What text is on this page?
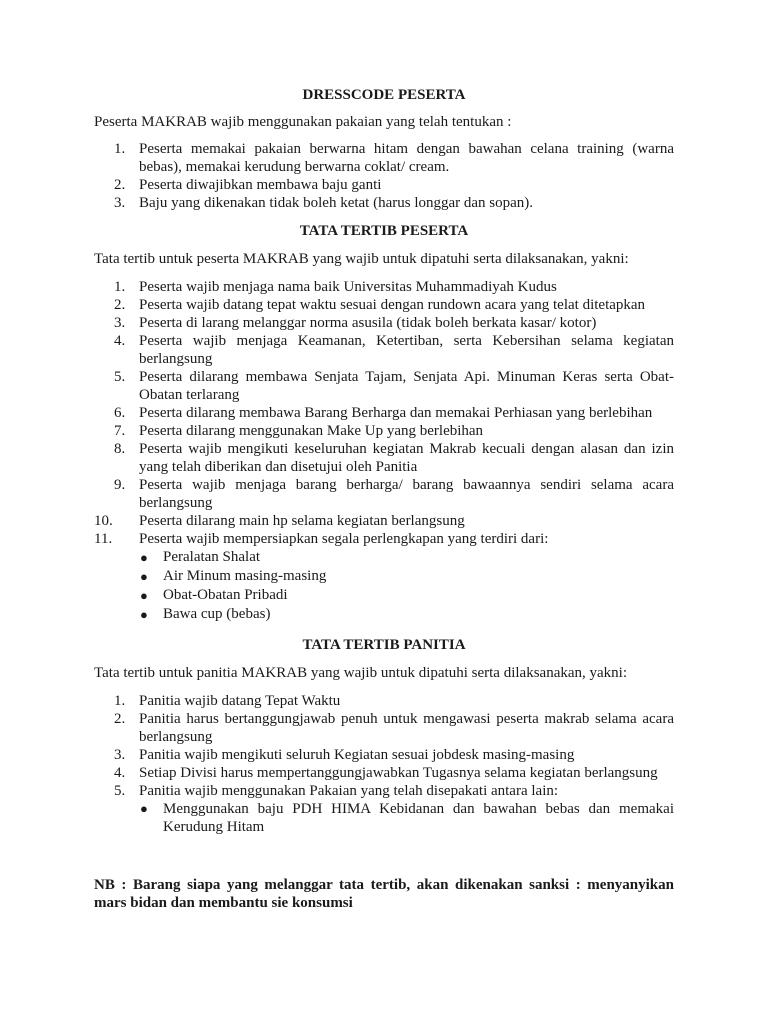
DRESSCODE PESERTA

Peserta MAKRAB wajib menggunakan pakaian yang telah tentukan :

1. Peserta memakai pakaian berwarna hitam dengan bawahan celana training (warna bebas), memakai kerudung berwarna coklat/ cream.
2. Peserta diwajibkan membawa baju ganti
3. Baju yang dikenakan tidak boleh ketat (harus longgar dan sopan).
TATA TERTIB PESERTA

Tata tertib untuk peserta MAKRAB yang wajib untuk dipatuhi serta dilaksanakan, yakni:

1. Peserta wajib menjaga nama baik Universitas Muhammadiyah Kudus
2. Peserta wajib datang tepat waktu sesuai dengan rundown acara yang telat ditetapkan
3. Peserta di larang melanggar norma asusila (tidak boleh berkata kasar/ kotor)
4. Peserta wajib menjaga Keamanan, Ketertiban, serta Kebersihan selama kegiatan berlangsung
5. Peserta dilarang membawa Senjata Tajam, Senjata Api. Minuman Keras serta Obat-Obatan terlarang
6. Peserta dilarang membawa Barang Berharga dan memakai Perhiasan yang berlebihan
7. Peserta dilarang menggunakan Make Up yang berlebihan
8. Peserta wajib mengikuti keseluruhan kegiatan Makrab kecuali dengan alasan dan izin yang telah diberikan dan disetujui oleh Panitia
9. Peserta wajib menjaga barang berharga/ barang bawaannya sendiri selama acara berlangsung
10. Peserta dilarang main hp selama kegiatan berlangsung
11. Peserta wajib mempersiapkan segala perlengkapan yang terdiri dari:
● Peralatan Shalat
● Air Minum masing-masing
● Obat-Obatan Pribadi
● Bawa cup (bebas)
TATA TERTIB PANITIA

Tata tertib untuk panitia MAKRAB yang wajib untuk dipatuhi serta dilaksanakan, yakni:

1. Panitia wajib datang Tepat Waktu
2. Panitia harus bertanggungjawab penuh untuk mengawasi peserta makrab selama acara berlangsung
3. Panitia wajib mengikuti seluruh Kegiatan sesuai jobdesk masing-masing
4. Setiap Divisi harus mempertanggungjawabkan Tugasnya selama kegiatan berlangsung
5. Panitia wajib menggunakan Pakaian yang telah disepakati antara lain:
● Menggunakan baju PDH HIMA Kebidanan dan bawahan bebas dan memakai Kerudung Hitam

NB : Barang siapa yang melanggar tata tertib, akan dikenakan sanksi : menyanyikan mars bidan dan membantu sie konsumsi
